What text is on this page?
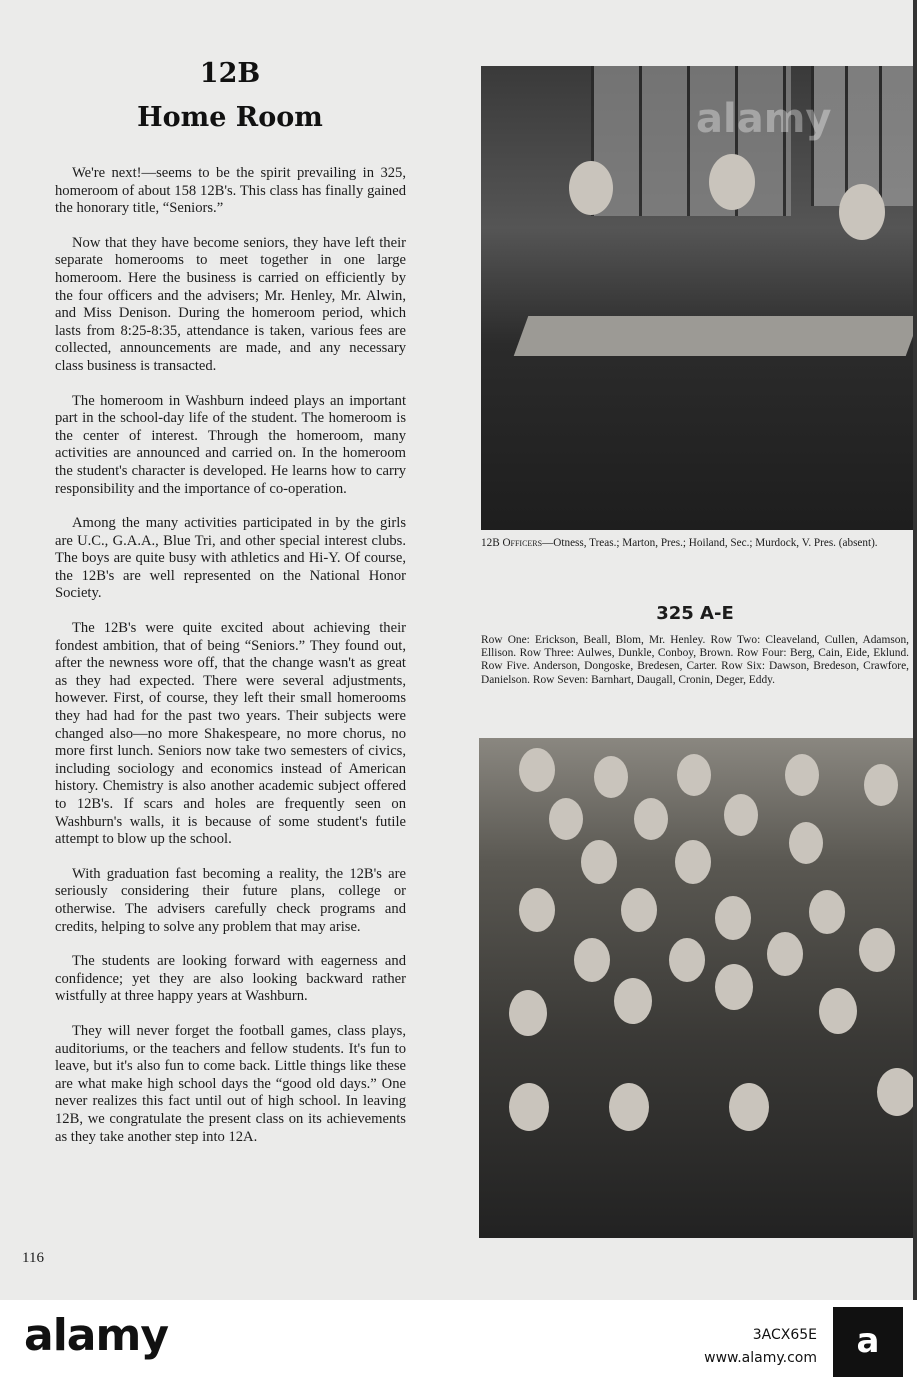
12B
Home Room

We're next!—seems to be the spirit prevailing in 325, homeroom of about 158 12B's. This class has finally gained the honorary title, “Seniors.”

Now that they have become seniors, they have left their separate homerooms to meet together in one large homeroom. Here the business is carried on efficiently by the four officers and the advisers; Mr. Henley, Mr. Alwin, and Miss Denison. During the homeroom period, which lasts from 8:25-8:35, attendance is taken, various fees are collected, announcements are made, and any necessary class business is transacted.

The homeroom in Washburn indeed plays an important part in the school-day life of the student. The homeroom is the center of interest. Through the homeroom, many activities are announced and carried on. In the homeroom the student's character is developed. He learns how to carry responsibility and the importance of co-operation.

Among the many activities participated in by the girls are U.C., G.A.A., Blue Tri, and other special interest clubs. The boys are quite busy with athletics and Hi-Y. Of course, the 12B's are well represented on the National Honor Society.

The 12B's were quite excited about achieving their fondest ambition, that of being “Seniors.” They found out, after the newness wore off, that the change wasn't as great as they had expected. There were several adjustments, however. First, of course, they left their small homerooms they had had for the past two years. Their subjects were changed also—no more Shakespeare, no more chorus, no more first lunch. Seniors now take two semesters of civics, including sociology and economics instead of American history. Chemistry is also another academic subject offered to 12B's. If scars and holes are frequently seen on Washburn's walls, it is because of some student's futile attempt to blow up the school.

With graduation fast becoming a reality, the 12B's are seriously considering their future plans, college or otherwise. The advisers carefully check programs and credits, helping to solve any problem that may arise.

The students are looking forward with eagerness and confidence; yet they are also looking backward rather wistfully at three happy years at Washburn.

They will never forget the football games, class plays, auditoriums, or the teachers and fellow students. It's fun to leave, but it's also fun to come back. Little things like these are what make high school days the “good old days.” One never realizes this fact until out of high school. In leaving 12B, we congratulate the present class on its achievements as they take another step into 12A.

116
alamy
12B Officers—Otness, Treas.; Marton, Pres.; Hoiland, Sec.; Murdock, V. Pres. (absent).
325 A-E
Row One: Erickson, Beall, Blom, Mr. Henley. Row Two: Cleaveland, Cullen, Adamson, Ellison. Row Three: Aulwes, Dunkle, Conboy, Brown. Row Four: Berg, Cain, Eide, Eklund. Row Five. Anderson, Dongoske, Bredesen, Carter. Row Six: Dawson, Bredeson, Crawfore, Danielson. Row Seven: Barnhart, Daugall, Cronin, Deger, Eddy.
alamy	a
3ACX65E
www.alamy.com
